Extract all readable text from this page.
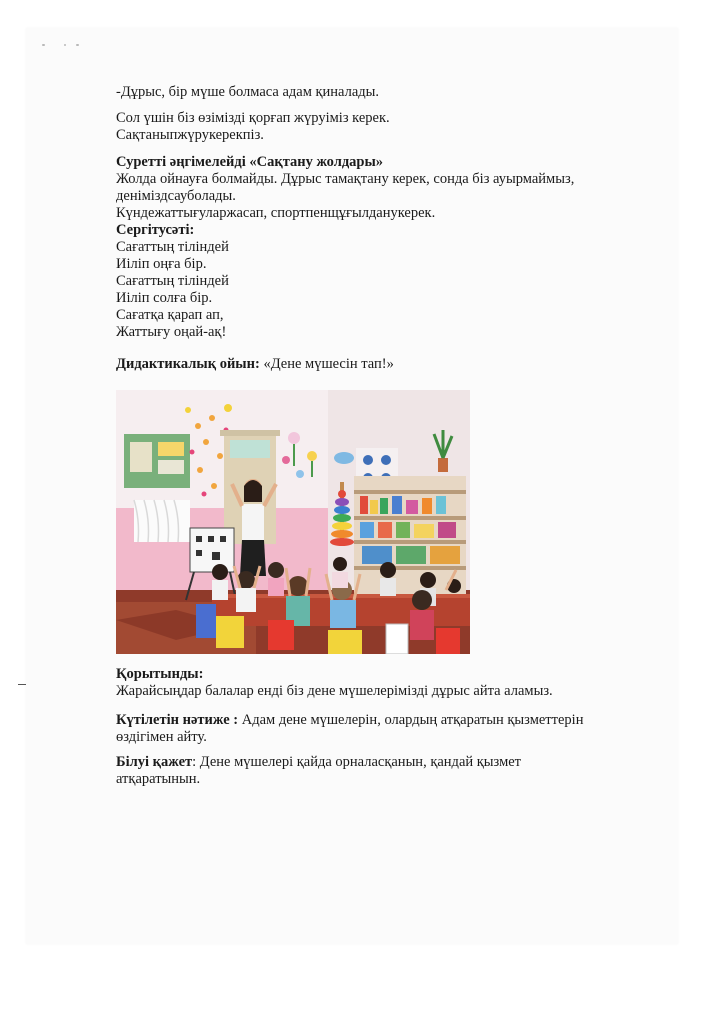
-Дұрыс, бір мүше болмаса адам қиналады.

Сол үшін біз өзімізді қорғап жүруіміз керек.
Сақтаныпжүрукерекпіз.
Суретті әңгімелейді «Сақтану жолдары»
Жолда ойнауға болмайды. Дұрыс тамақтану керек, сонда біз ауырмаймыз,
деніміздсауболады.
Күндежаттығуларжасап, спортпенщұғылданукерек.
Сергітусәті:
Сағаттың тіліндей
Иіліп оңға бір.
Сағаттың тіліндей
Иіліп солға бір.
Сағатқа қарап ап,
Жаттығу оңай-ақ!
Дидактикалық ойын: «Дене мүшесін тап!»
Қорытынды:
Жарайсыңдар балалар енді біз дене мүшелерімізді дұрыс айта аламыз.
Күтілетін нәтиже : Адам дене мүшелерін, олардың атқаратын қызметтерін
өздігімен айту.
Білуі қажет: Дене мүшелері қайда орналасқанын, қандай қызмет
атқаратынын.
